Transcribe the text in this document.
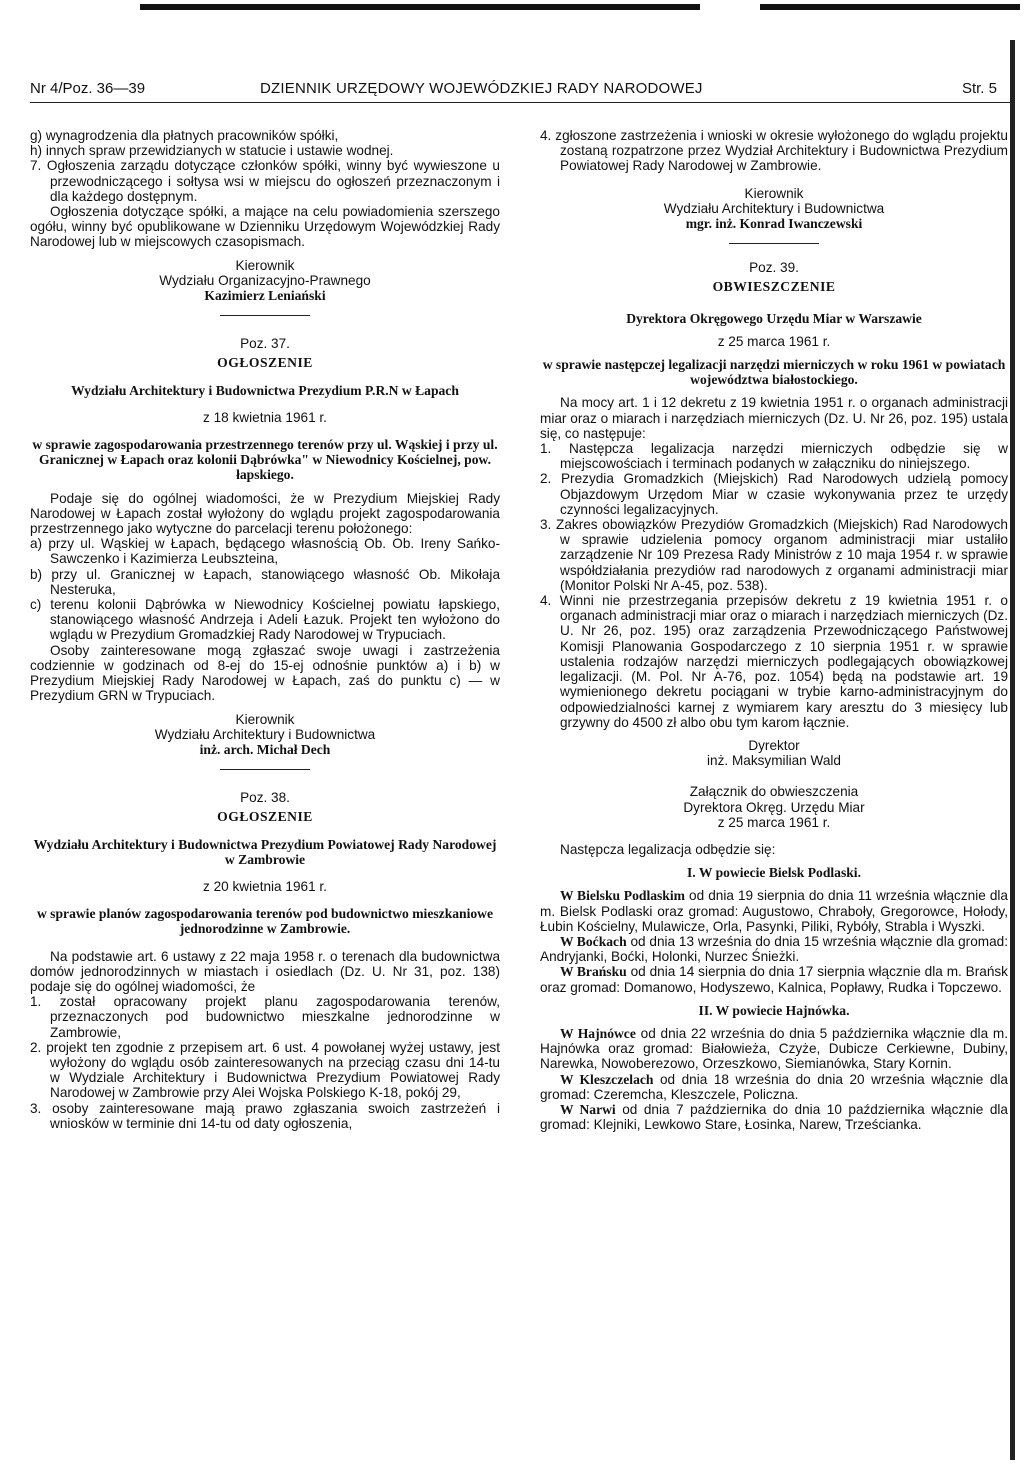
Nr 4/Poz. 36—39	DZIENNIK URZĘDOWY WOJEWÓDZKIEJ RADY NARODOWEJ	Str. 5

g) wynagrodzenia dla płatnych pracowników spółki,

h) innych spraw przewidzianych w statucie i ustawie wodnej.

7. Ogłoszenia zarządu dotyczące członków spółki, winny być wywieszone u przewodniczącego i sołtysa wsi w miejscu do ogłoszeń przeznaczonym i dla każdego dostępnym.

Ogłoszenia dotyczące spółki, a mające na celu powiadomienia szerszego ogółu, winny być opublikowane w Dzienniku Urzędowym Wojewódzkiej Rady Narodowej lub w miejscowych czasopismach.

Kierownik
Wydziału Organizacyjno-Prawnego
Kazimierz Leniański
Poz. 37.
OGŁOSZENIE
Wydziału Architektury i Budownictwa Prezydium P.R.N w Łapach
z 18 kwietnia 1961 r.
w sprawie zagospodarowania przestrzennego terenów przy ul. Wąskiej i przy ul. Granicznej w Łapach oraz kolonii Dąbrówka" w Niewodnicy Kościelnej, pow. łapskiego.

Podaje się do ogólnej wiadomości, że w Prezydium Miejskiej Rady Narodowej w Łapach został wyłożony do wglądu projekt zagospodarowania przestrzennego jako wytyczne do parcelacji terenu położonego:

a) przy ul. Wąskiej w Łapach, będącego własnością Ob. Ob. Ireny Sańko-Sawczenko i Kazimierza Leubszteina,

b) przy ul. Granicznej w Łapach, stanowiącego własność Ob. Mikołaja Nesteruka,

c) terenu kolonii Dąbrówka w Niewodnicy Kościelnej powiatu łapskiego, stanowiącego własność Andrzeja i Adeli Łazuk. Projekt ten wyłożono do wglądu w Prezydium Gromadzkiej Rady Narodowej w Trypuciach.

Osoby zainteresowane mogą zgłaszać swoje uwagi i zastrzeżenia codziennie w godzinach od 8-ej do 15-ej odnośnie punktów a) i b) w Prezydium Miejskiej Rady Narodowej w Łapach, zaś do punktu c) — w Prezydium GRN w Trypuciach.

Kierownik
Wydziału Architektury i Budownictwa
inż. arch. Michał Dech
Poz. 38.
OGŁOSZENIE
Wydziału Architektury i Budownictwa Prezydium Powiatowej Rady Narodowej w Zambrowie
z 20 kwietnia 1961 r.
w sprawie planów zagospodarowania terenów pod budownictwo mieszkaniowe jednorodzinne w Zambrowie.

Na podstawie art. 6 ustawy z 22 maja 1958 r. o terenach dla budownictwa domów jednorodzinnych w miastach i osiedlach (Dz. U. Nr 31, poz. 138) podaje się do ogólnej wiadomości, że

1. został opracowany projekt planu zagospodarowania terenów, przeznaczonych pod budownictwo mieszkalne jednorodzinne w Zambrowie,

2. projekt ten zgodnie z przepisem art. 6 ust. 4 powołanej wyżej ustawy, jest wyłożony do wglądu osób zainteresowanych na przeciąg czasu dni 14-tu w Wydziale Architektury i Budownictwa Prezydium Powiatowej Rady Narodowej w Zambrowie przy Alei Wojska Polskiego K-18, pokój 29,

3. osoby zainteresowane mają prawo zgłaszania swoich zastrzeżeń i wniosków w terminie dni 14-tu od daty ogłoszenia,

4. zgłoszone zastrzeżenia i wnioski w okresie wyłożonego do wglądu projektu zostaną rozpatrzone przez Wydział Architektury i Budownictwa Prezydium Powiatowej Rady Narodowej w Zambrowie.

Kierownik
Wydziału Architektury i Budownictwa
mgr. inż. Konrad Iwanczewski
Poz. 39.
OBWIESZCZENIE
Dyrektora Okręgowego Urzędu Miar w Warszawie
z 25 marca 1961 r.
w sprawie następczej legalizacji narzędzi mierniczych w roku 1961 w powiatach województwa białostockiego.

Na mocy art. 1 i 12 dekretu z 19 kwietnia 1951 r. o organach administracji miar oraz o miarach i narzędziach mierniczych (Dz. U. Nr 26, poz. 195) ustala się, co następuje:

1. Następcza legalizacja narzędzi mierniczych odbędzie się w miejscowościach i terminach podanych w załączniku do niniejszego.

2. Prezydia Gromadzkich (Miejskich) Rad Narodowych udzielą pomocy Objazdowym Urzędom Miar w czasie wykonywania przez te urzędy czynności legalizacyjnych.

3. Zakres obowiązków Prezydiów Gromadzkich (Miejskich) Rad Narodowych w sprawie udzielenia pomocy organom administracji miar ustaliło zarządzenie Nr 109 Prezesa Rady Ministrów z 10 maja 1954 r. w sprawie współdziałania prezydiów rad narodowych z organami administracji miar (Monitor Polski Nr A-45, poz. 538).

4. Winni nie przestrzegania przepisów dekretu z 19 kwietnia 1951 r. o organach administracji miar oraz o miarach i narzędziach mierniczych (Dz. U. Nr 26, poz. 195) oraz zarządzenia Przewodniczącego Państwowej Komisji Planowania Gospodarczego z 10 sierpnia 1951 r. w sprawie ustalenia rodzajów narzędzi mierniczych podlegających obowiązkowej legalizacji. (M. Pol. Nr A-76, poz. 1054) będą na podstawie art. 19 wymienionego dekretu pociągani w trybie karno-administracyjnym do odpowiedzialności karnej z wymiarem kary aresztu do 3 miesięcy lub grzywny do 4500 zł albo obu tym karom łącznie.

Dyrektor
inż. Maksymilian Wald
Załącznik do obwieszczenia
Dyrektora Okręg. Urzędu Miar
z 25 marca 1961 r.

Następcza legalizacja odbędzie się:

I. W powiecie Bielsk Podlaski.

W Bielsku Podlaskim od dnia 19 sierpnia do dnia 11 września włącznie dla m. Bielsk Podlaski oraz gromad: Augustowo, Chraboły, Gregorowce, Hołody, Łubin Kościelny, Mulawicze, Orla, Pasynki, Piliki, Rybóły, Strabla i Wyszki.

W Boćkach od dnia 13 września do dnia 15 września włącznie dla gromad: Andryjanki, Boćki, Holonki, Nurzec Śnieżki.

W Brańsku od dnia 14 sierpnia do dnia 17 sierpnia włącznie dla m. Brańsk oraz gromad: Domanowo, Hodyszewo, Kalnica, Popławy, Rudka i Topczewo.

II. W powiecie Hajnówka.

W Hajnówce od dnia 22 września do dnia 5 października włącznie dla m. Hajnówka oraz gromad: Białowieża, Czyże, Dubicze Cerkiewne, Dubiny, Narewka, Nowoberezowo, Orzeszkowo, Siemianówka, Stary Kornin.

W Kleszczelach od dnia 18 września do dnia 20 września włącznie dla gromad: Czeremcha, Kleszczele, Policzna.

W Narwi od dnia 7 października do dnia 10 października włącznie dla gromad: Klejniki, Lewkowo Stare, Łosinka, Narew, Trześcianka.
